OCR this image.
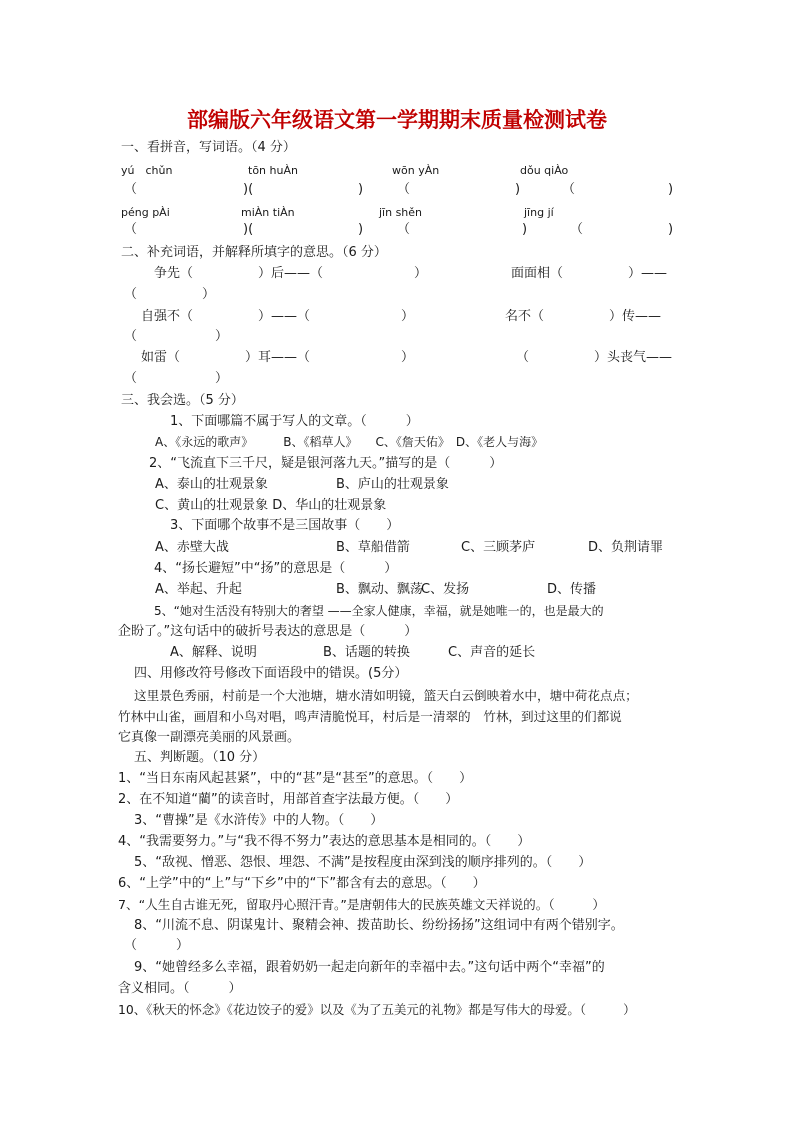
部编版六年级语文第一学期期末质量检测试卷
一、看拼音，写词语。（4 分）
yú　chǔn	tōn huÀn	wōn yÀn	dǒu qiÀo
（	)(	)	（	)	（	)
péng pÀi	miÀn tiÀn	jīn shěn	jīng jí
（	)(	)	（	)	（	)
二、补充词语，并解释所填字的意思。（6 分）
争先（　　　　　）后——（　　　　　　　）	面面相（　　　　　）——
（　　　　　）
自强不（　　　　　）——（　　　　　　　）	名不（　　　　　）传——
（　　　　　　）
如雷（　　　　　）耳——（　　　　　　　）	（　　　　　）头丧气——
（　　　　　　）
三、我会选。（5 分）
1、下面哪篇不属于写人的文章。（　　　）
A、《永远的歌声》　　　B、《稻草人》　　C、《詹天佑》　D、《老人与海》
2、“飞流直下三千尺，疑是银河落九天。”描写的是（　　　）
A、泰山的壮观景象	B、庐山的壮观景象
C、黄山的壮观景象 D、华山的壮观景象
3、下面哪个故事不是三国故事（　　）
A、赤壁大战	B、草船借箭	C、三顾茅庐	D、负荆请罪
4、“扬长避短”中“扬”的意思是（　　　）
A、举起、升起	B、飘动、飘荡
C、发扬	D、传播
5、“她对生活没有特别大的奢望 ——全家人健康，幸福，就是她唯一的，也是最大的
企盼了。”这句话中的破折号表达的意思是（　　　）
A、解释、说明	B、话题的转换	C、声音的延长
四、用修改符号修改下面语段中的错误。(5分）
这里景色秀丽，村前是一个大池塘，塘水清如明镜，篮天白云倒映着水中，塘中荷花点点；
竹林中山雀，画眉和小鸟对唱，鸣声清脆悦耳，村后是一清翠的　竹林，到过这里的们都说
它真像一副漂亮美丽的风景画。
五、判断题。（10 分）
1、“当日东南风起甚紧”，中的“甚”是“甚至”的意思。（　　）
2、在不知道“藺”的读音时，用部首查字法最方便。（　　）
3、“曹操”是《水浒传》中的人物。（　　）
4、“我需要努力。”与“我不得不努力”表达的意思基本是相同的。（　　）
5、“敌视、憎恶、怨恨、埋怨、不满”是按程度由深到浅的顺序排列的。（　　）
6、“上学”中的“上”与“下乡”中的“下”都含有去的意思。（　　）
7、“人生自古谁无死，留取丹心照汗青。”是唐朝伟大的民族英雄文天祥说的。（　　　）
8、“川流不息、阴谋鬼计、聚精会神、拨苗助长、纷纷扬扬”这组词中有两个错别字。
（　　　）
9、“她曾经多么幸福，跟着奶奶一起走向新年的幸福中去。”这句话中两个“幸福”的
含义相同。（　　　）
10、《秋天的怀念》《花边饺子的爱》以及《为了五美元的礼物》都是写伟大的母爱。（　　　）
